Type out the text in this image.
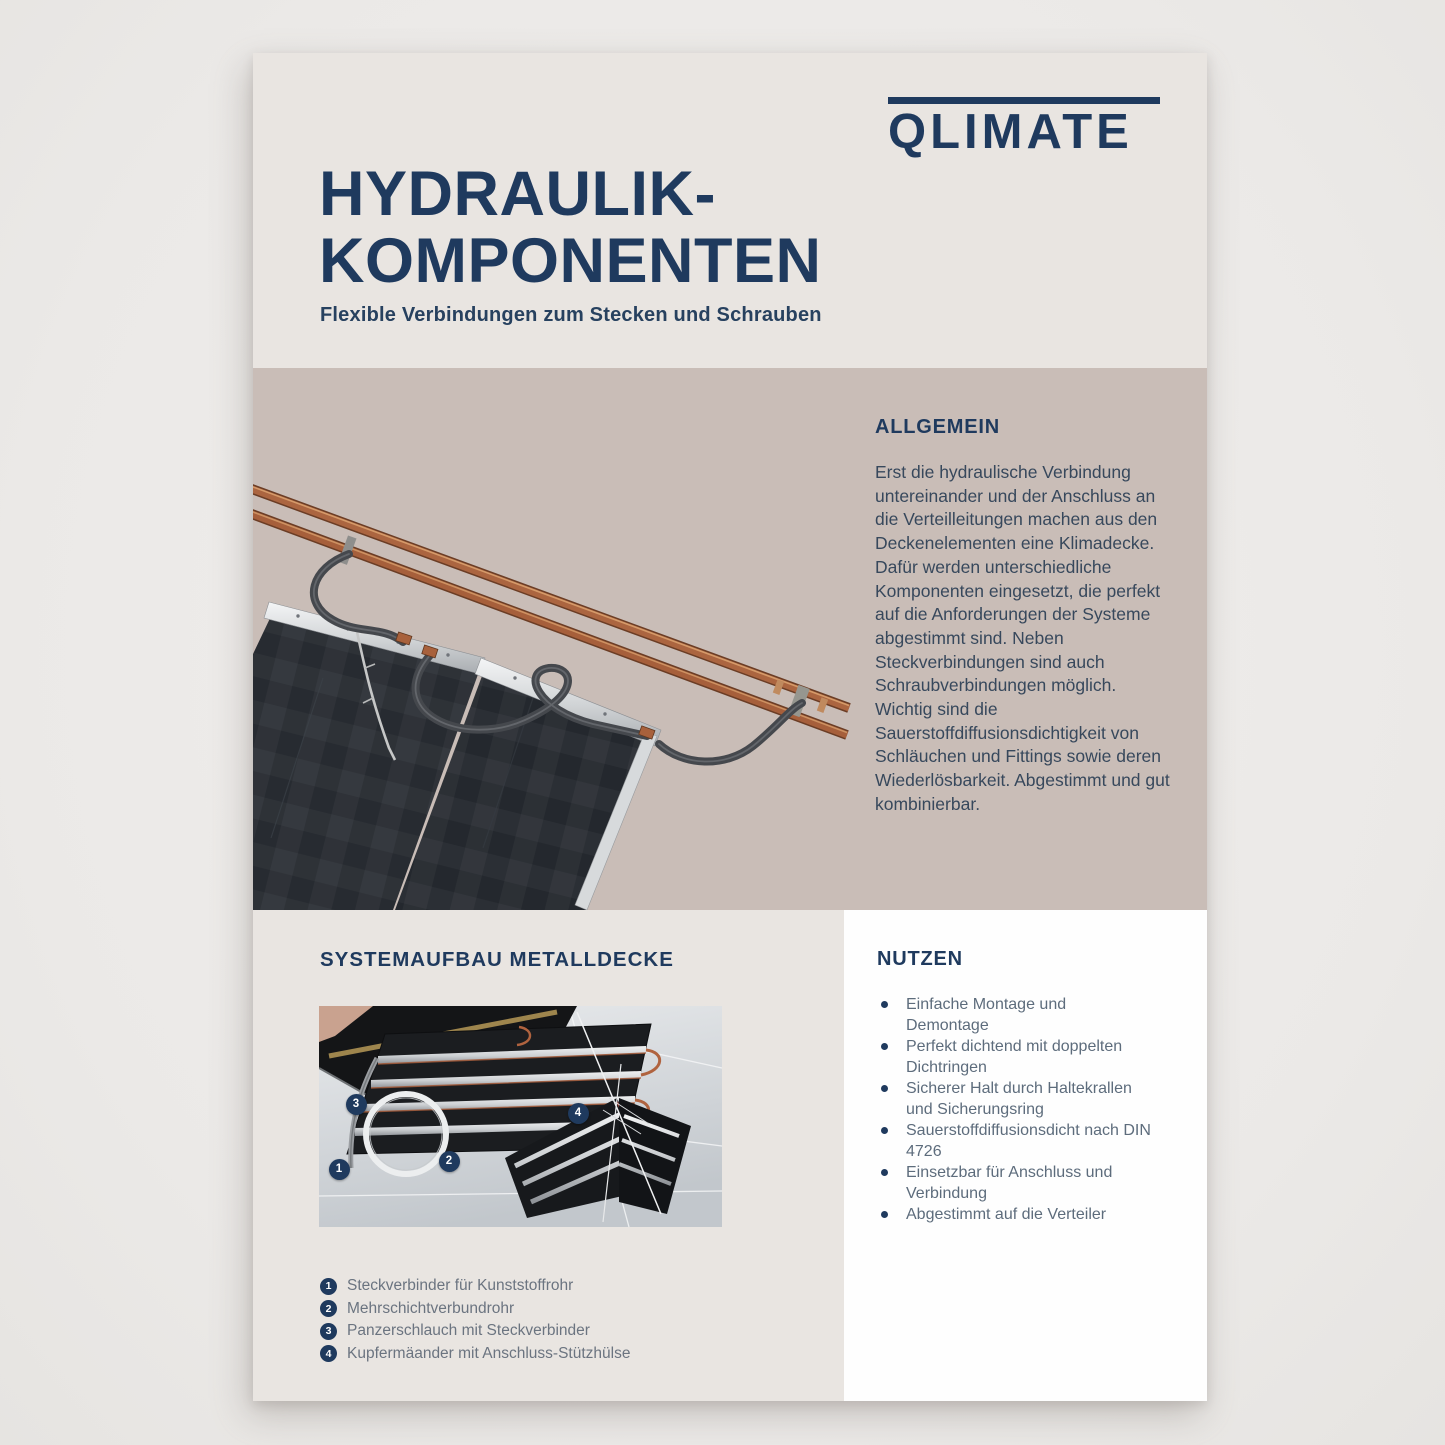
QLIMATE
HYDRAULIK-
KOMPONENTEN

Flexible Verbindungen zum Stecken und Schrauben

ALLGEMEIN

Erst die hydraulische Verbindung untereinander und der Anschluss an die Verteilleitungen machen aus den Deckenelementen eine Klimadecke. Dafür werden unterschiedliche Komponenten eingesetzt, die perfekt auf die Anforderungen der Systeme abgestimmt sind. Neben Steckverbindungen sind auch Schraubverbindungen möglich. Wichtig sind die Sauerstoffdiffusionsdichtigkeit von Schläuchen und Fittings sowie deren Wiederlösbarkeit. Abgestimmt und gut kombinierbar.

SYSTEMAUFBAU METALLDECKE
1
2
3
4
1	Steckverbinder für Kunststoffrohr
2	Mehrschichtverbundrohr
3	Panzerschlauch mit Steckverbinder
4	Kupfermäander mit Anschluss-Stützhülse
NUTZEN
Einfache Montage und Demontage
Perfekt dichtend mit doppelten Dichtringen
Sicherer Halt durch Haltekrallen und Sicherungsring
Sauerstoffdiffusionsdicht nach DIN 4726
Einsetzbar für Anschluss und Verbindung
Abgestimmt auf die Verteiler
